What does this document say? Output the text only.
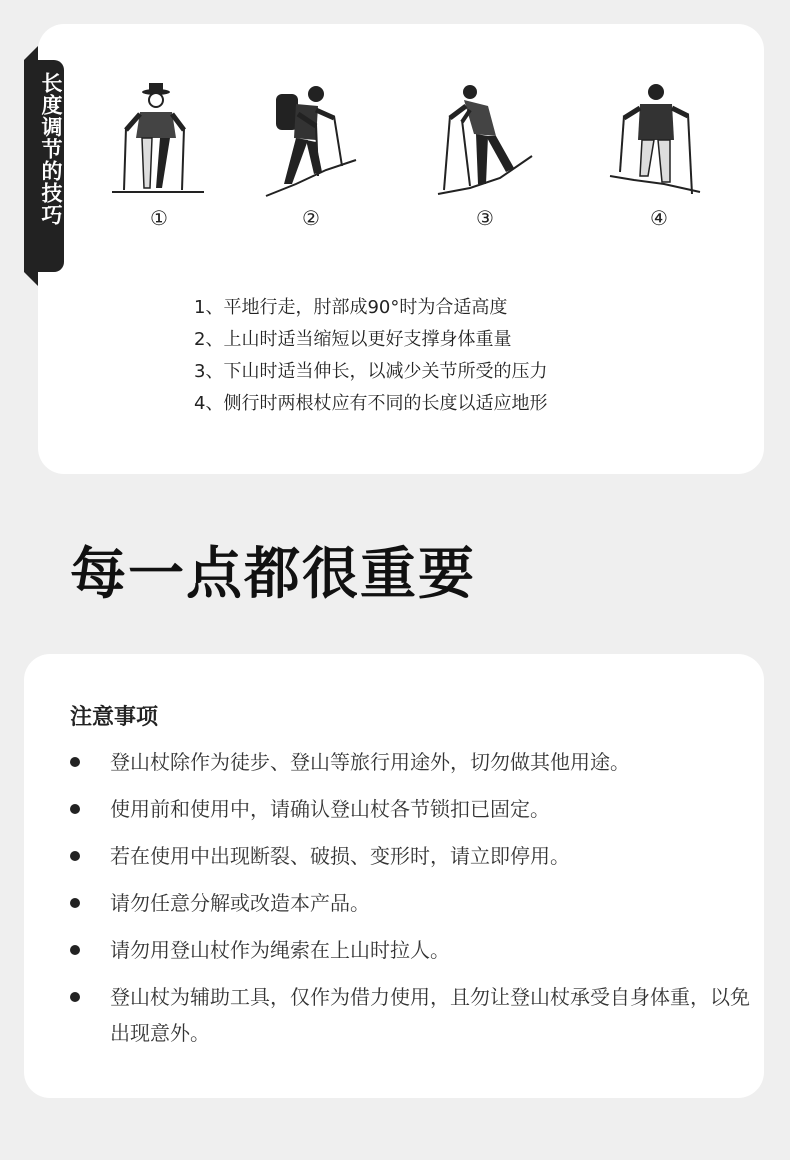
长度调节的技巧	①	②	③	④
1、平地行走，肘部成90°时为合适高度
2、上山时适当缩短以更好支撑身体重量
3、下山时适当伸长，以减少关节所受的压力
4、侧行时两根杖应有不同的长度以适应地形
每一点都很重要
注意事项
登山杖除作为徒步、登山等旅行用途外，切勿做其他用途。
使用前和使用中，请确认登山杖各节锁扣已固定。
若在使用中出现断裂、破损、变形时，请立即停用。
请勿任意分解或改造本产品。
请勿用登山杖作为绳索在上山时拉人。
登山杖为辅助工具，仅作为借力使用，且勿让登山杖承受自身体重，以免出现意外。
